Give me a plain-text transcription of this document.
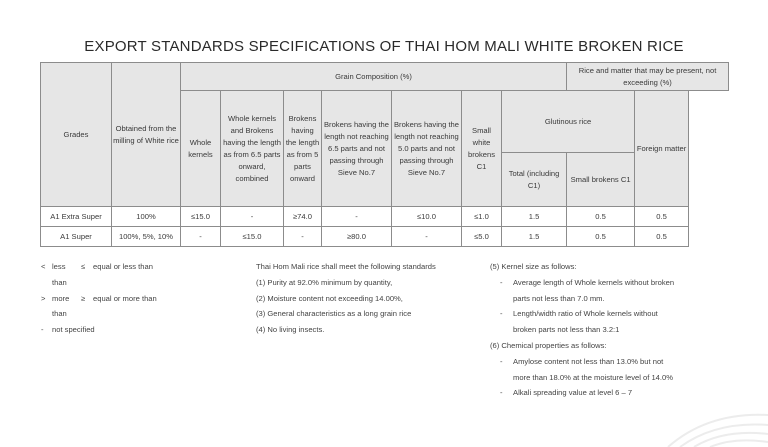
EXPORT STANDARDS SPECIFICATIONS OF THAI HOM MALI WHITE BROKEN RICE
Grades	Obtained from the milling of White rice	Grain Composition (%)							Rice and matter that may be present, not exceeding (%)	
		Whole kernels	Whole kernels and Brokens having the length as from 6.5 parts onward, combined	Brokens having the length as from 5 parts onward	Brokens having the length not reaching 6.5 parts and not passing through Sieve No.7	Brokens having the length not reaching 5.0 parts and not passing through Sieve No.7	Small white brokens C1	Glutinous rice		Foreign matter
								Total (including C1)	Small brokens C1	
A1 Extra Super	100%	≤15.0	-	≥74.0	-	≤10.0	≤1.0	1.5	0.5	0.5
A1 Super	100%, 5%, 10%	-	≤15.0	-	≥80.0	-	≤5.0	1.5	0.5	0.5
< less than
≤	equal or less than
> more than
≥	equal or more than
-	not specified
Thai Hom Mali rice shall meet the following standards
(1) Purity at 92.0% minimum by quantity,
(2) Moisture content not exceeding 14.00%,
(3) General characteristics as a long grain rice
(4) No living insects.
(5) Kernel size as follows:
- Average length of Whole kernels without broken
parts not less than 7.0 mm.
- Length/width ratio of Whole kernels without
broken parts not less than 3.2:1
(6) Chemical properties as follows:
- Amylose content not less than 13.0% but not
more than 18.0% at the moisture level of 14.0%
- Alkali spreading value at level 6 – 7
